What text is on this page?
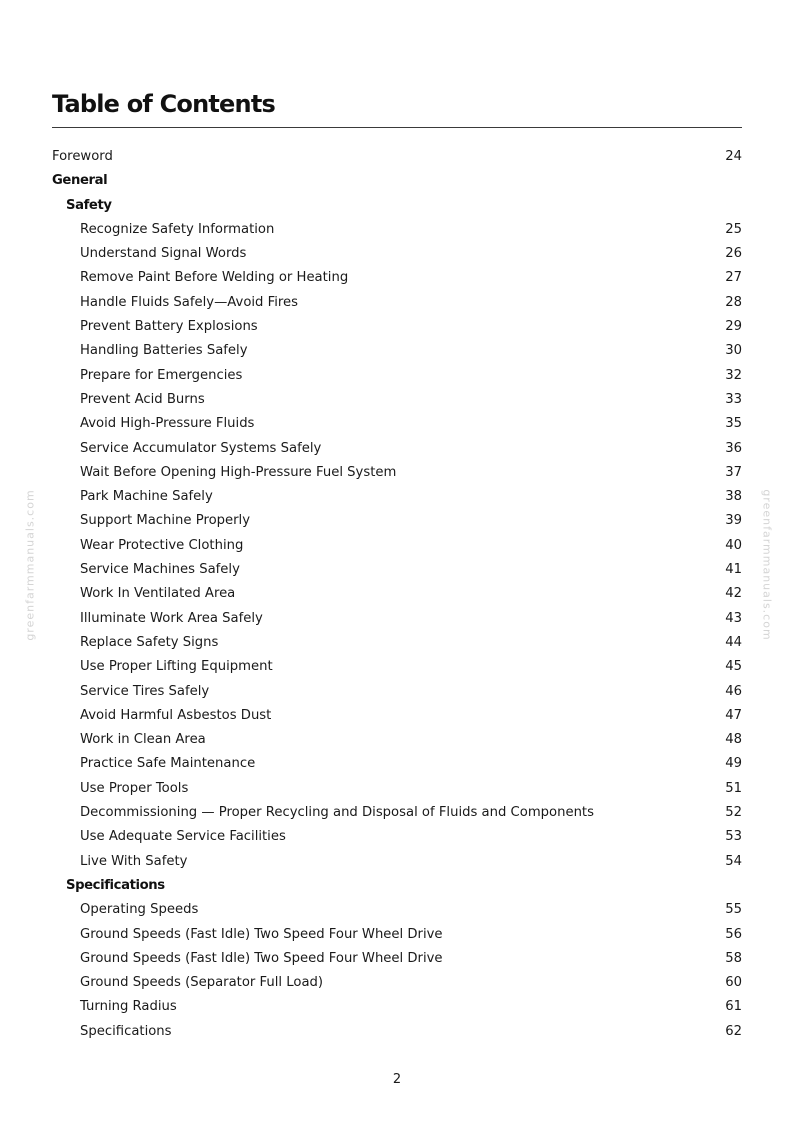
Table of Contents
Foreword	24
General
Safety
Recognize Safety Information	25
Understand Signal Words	26
Remove Paint Before Welding or Heating	27
Handle Fluids Safely—Avoid Fires	28
Prevent Battery Explosions	29
Handling Batteries Safely	30
Prepare for Emergencies	32
Prevent Acid Burns	33
Avoid High-Pressure Fluids	35
Service Accumulator Systems Safely	36
Wait Before Opening High-Pressure Fuel System	37
Park Machine Safely	38
Support Machine Properly	39
Wear Protective Clothing	40
Service Machines Safely	41
Work In Ventilated Area	42
Illuminate Work Area Safely	43
Replace Safety Signs	44
Use Proper Lifting Equipment	45
Service Tires Safely	46
Avoid Harmful Asbestos Dust	47
Work in Clean Area	48
Practice Safe Maintenance	49
Use Proper Tools	51
Decommissioning — Proper Recycling and Disposal of Fluids and Components	52
Use Adequate Service Facilities	53
Live With Safety	54
Specifications
Operating Speeds	55
Ground Speeds (Fast Idle) Two Speed Four Wheel Drive	56
Ground Speeds (Fast Idle) Two Speed Four Wheel Drive	58
Ground Speeds (Separator Full Load)	60
Turning Radius	61
Specifications	62
2
greenfarmmanuals.com	greenfarmmanuals.com
